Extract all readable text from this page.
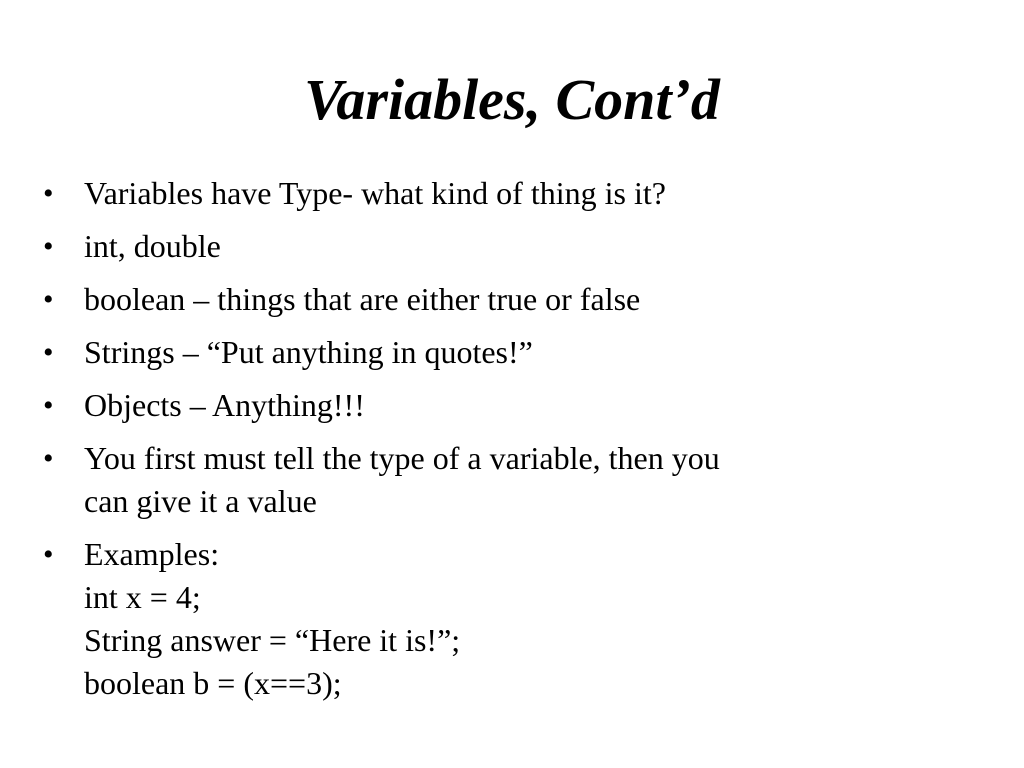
Variables, Cont’d
• Variables have Type- what kind of thing is it?
• int, double
• boolean – things that are either true or false
• Strings – “Put anything in quotes!”
• Objects – Anything!!!
• You first must tell the type of a variable, then you
can give it a value
• Examples:
int x = 4;
String answer = “Here it is!”;
boolean b = (x==3);
